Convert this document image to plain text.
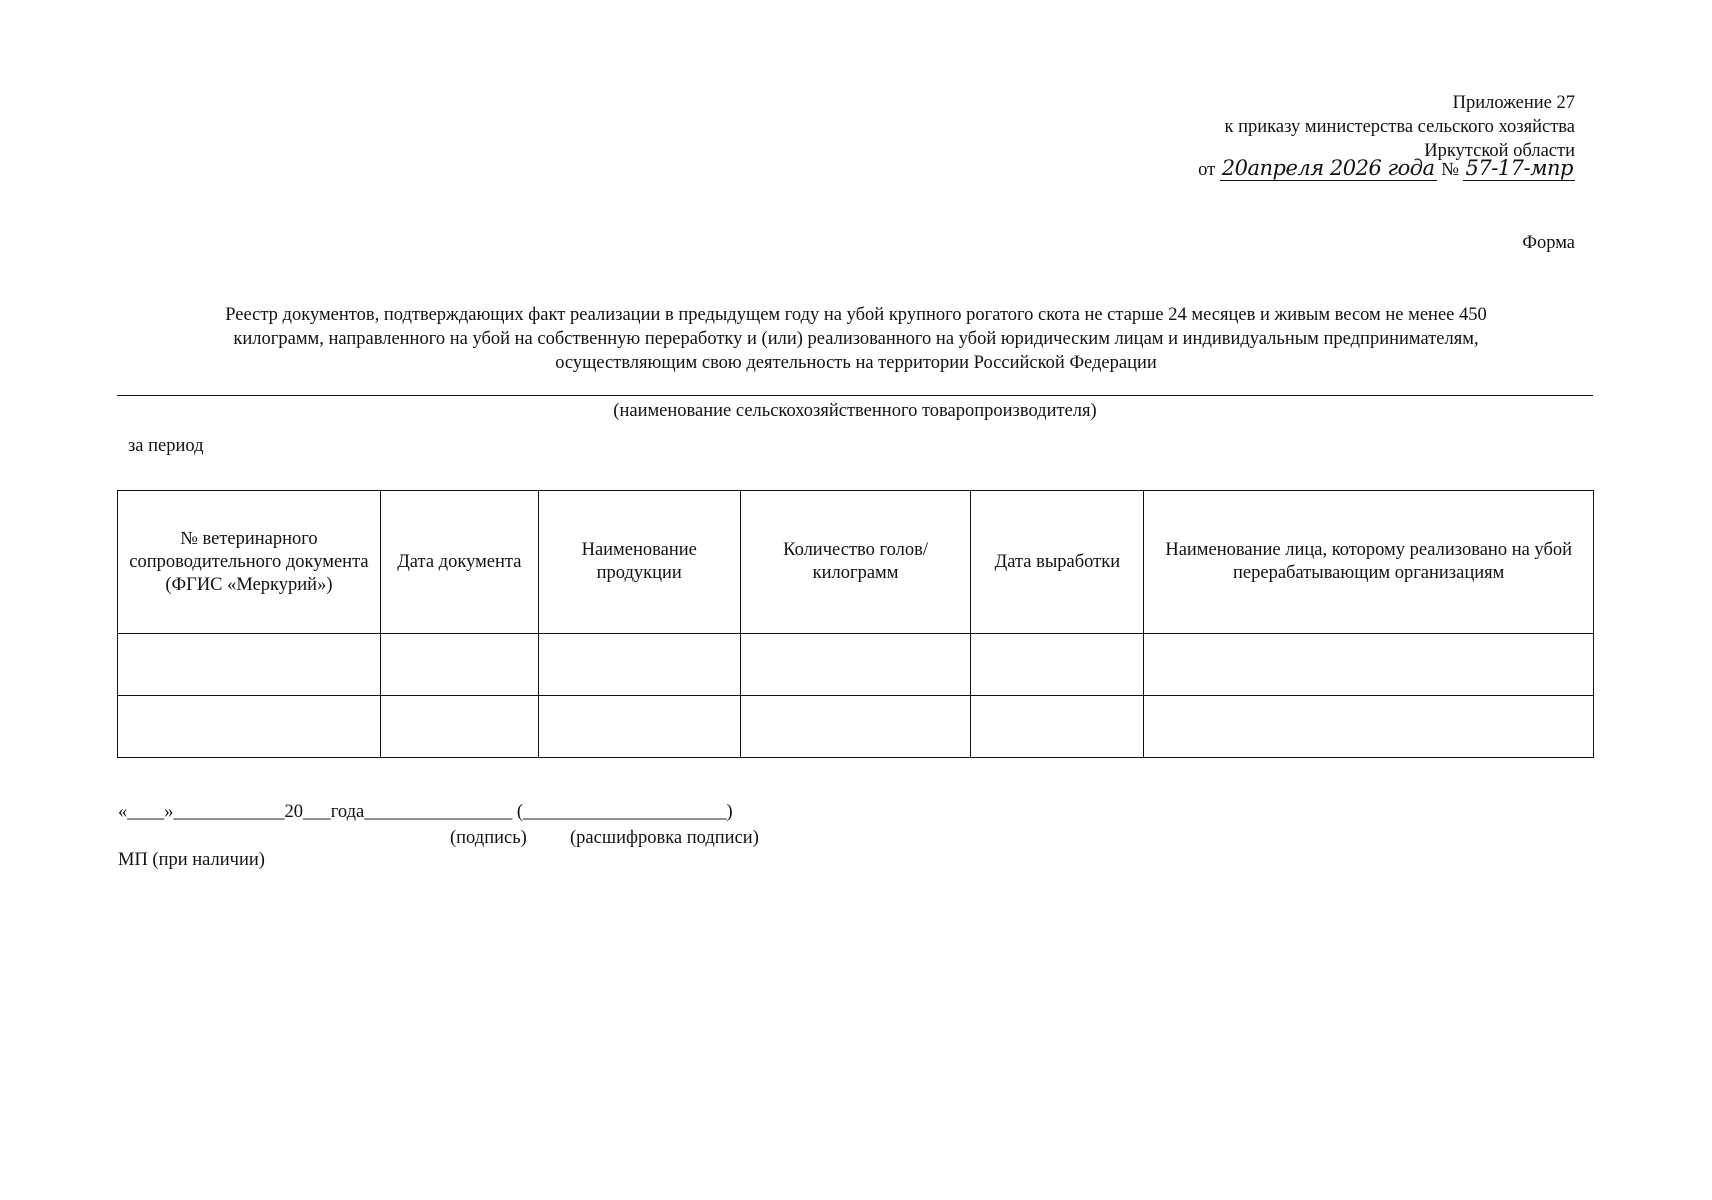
Приложение 27
к приказу министерства сельского хозяйства
Иркутской области
от 20апреля 2026 года № 57-17-мпр
Форма

Реестр документов, подтверждающих факт реализации в предыдущем году на убой крупного рогатого скота не старше 24 месяцев и живым весом не менее 450

килограмм, направленного на убой на собственную переработку и (или) реализованного на убой юридическим лицам и индивидуальным предпринимателям,

осуществляющим свою деятельность на территории Российской Федерации

(наименование сельскохозяйственного товаропроизводителя)
за период
№ ветеринарного сопроводительного документа (ФГИС «Меркурий»)	Дата документа	Наименование продукции	Количество голов/килограмм	Дата выработки	Наименование лица, которому реализовано на убой перерабатывающим организациям

«____»____________20___года________________ (______________________)
(подпись) (расшифровка подписи)
МП (при наличии)
